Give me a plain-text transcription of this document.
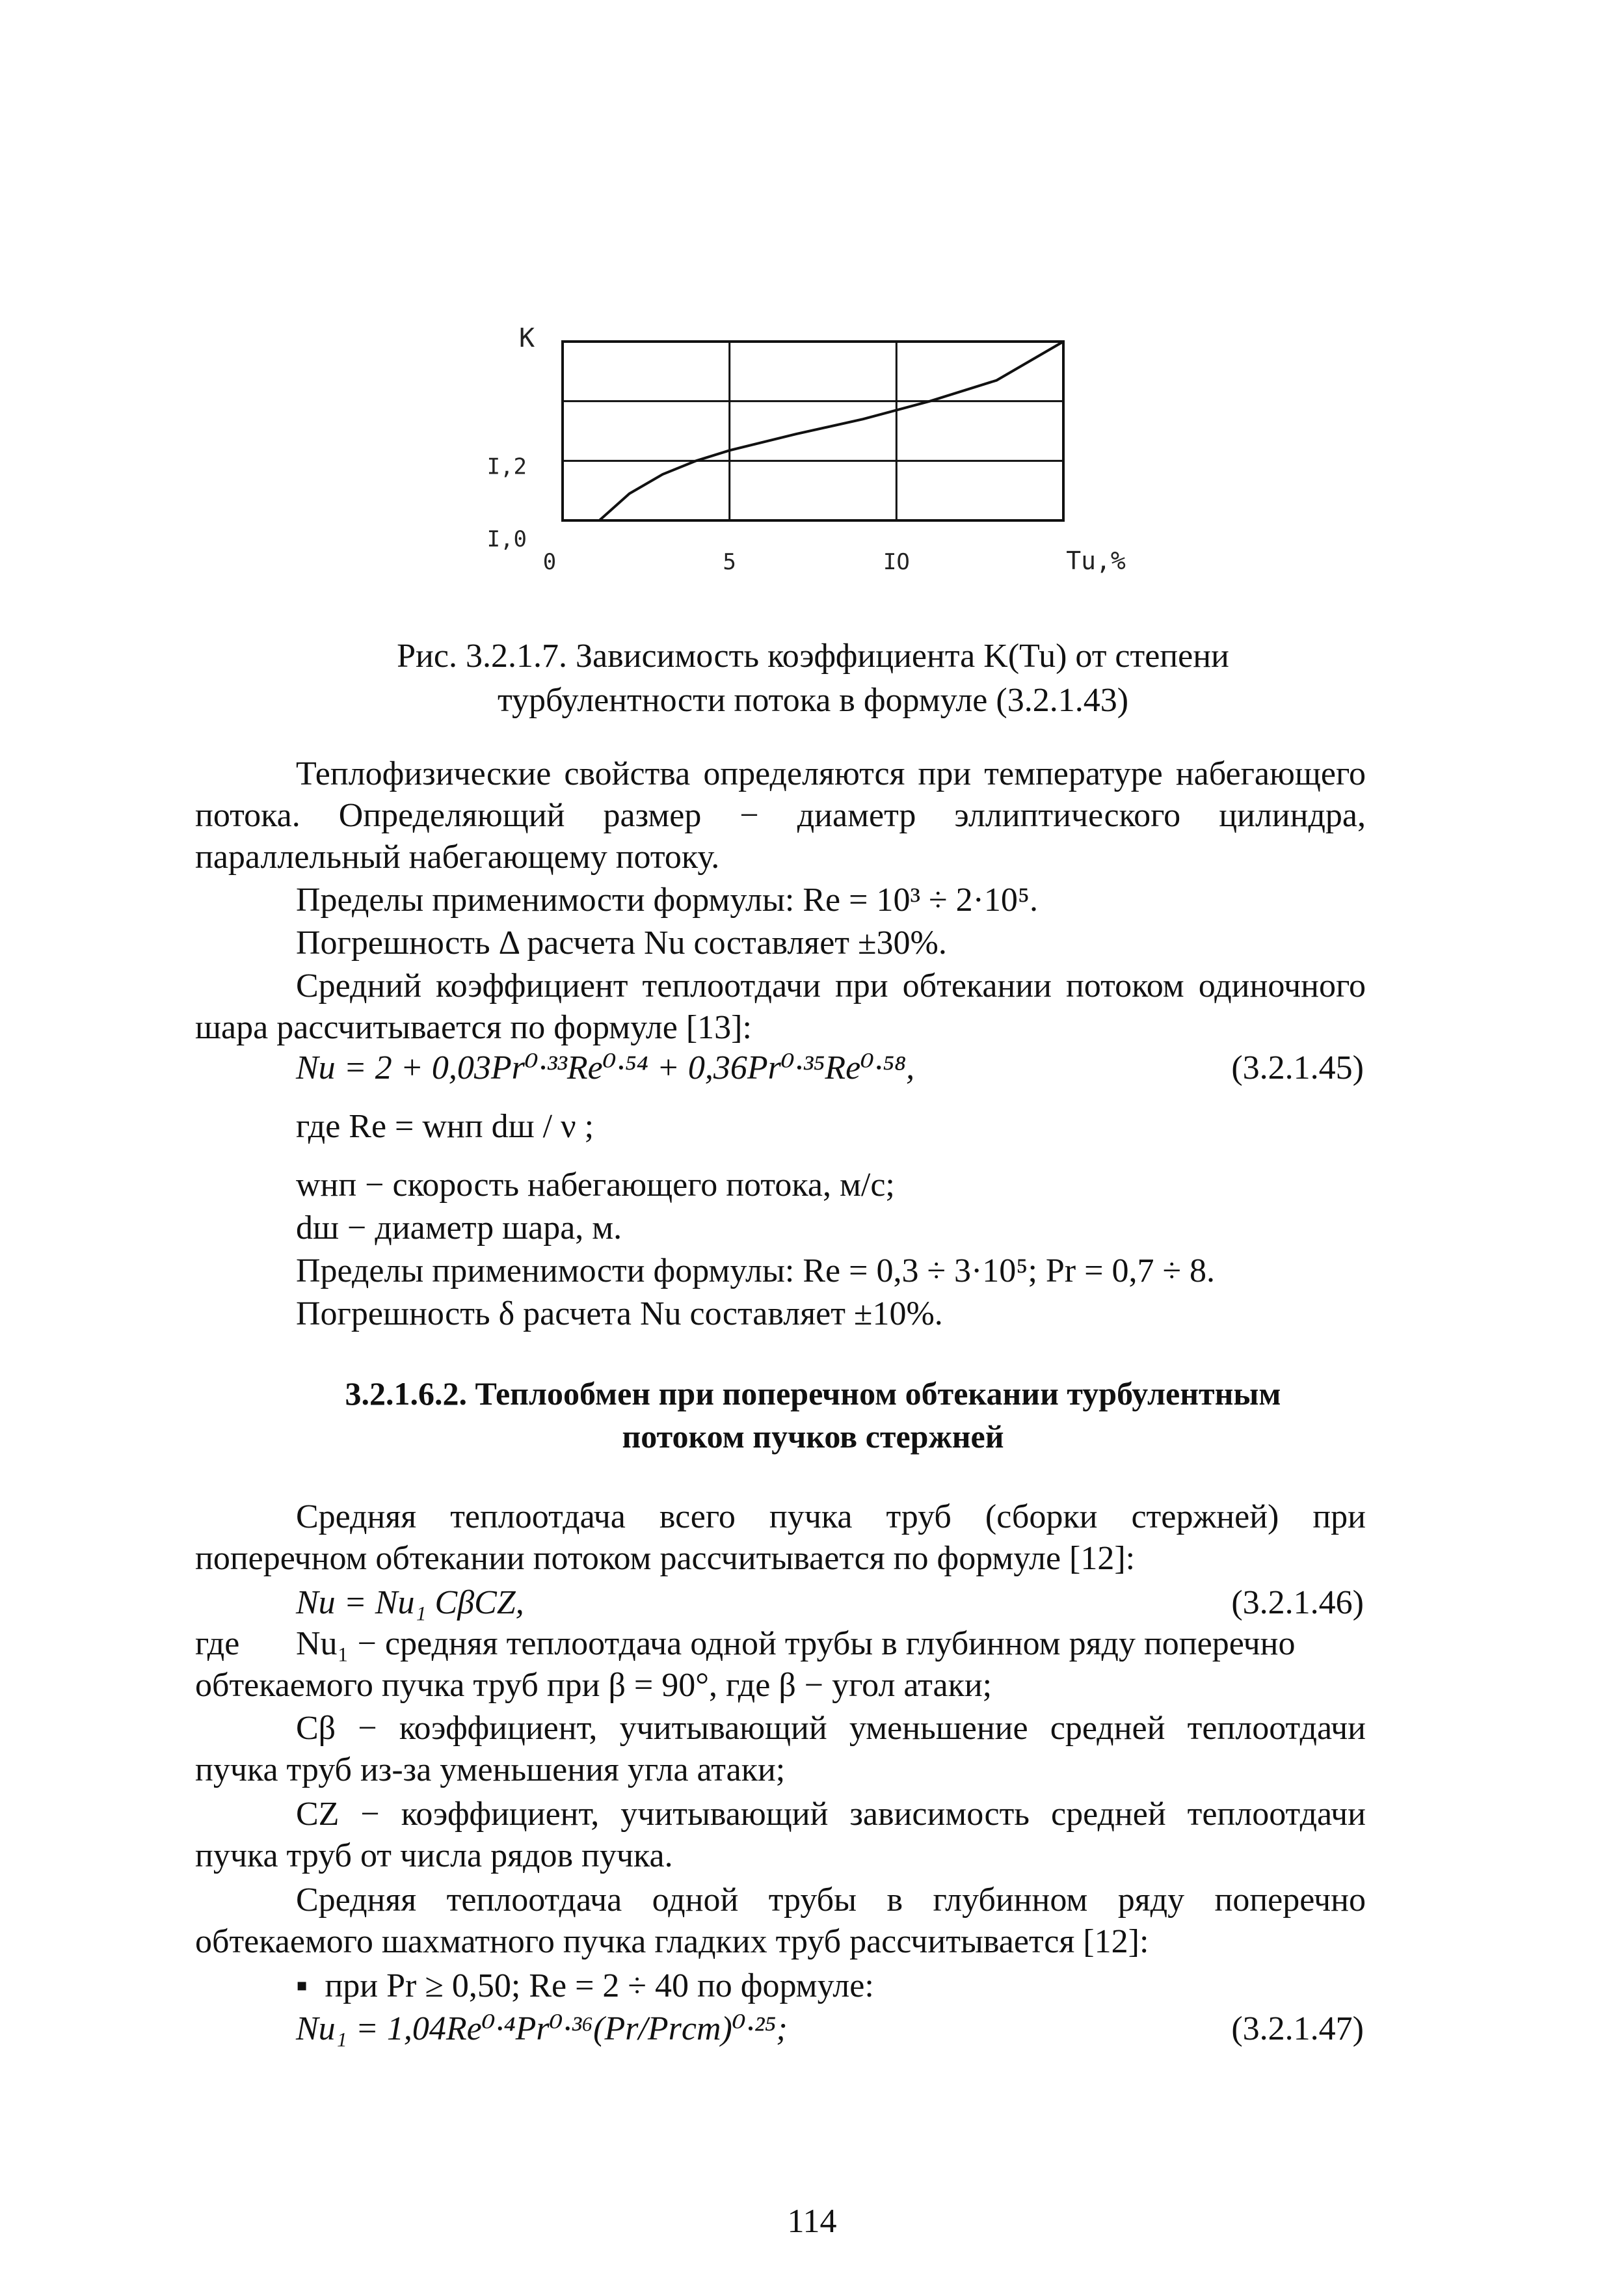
K
I,2
I,0
0	5	IO	Tu,%
Рис. 3.2.1.7. Зависимость коэффициента K(Tu) от степени
турбулентности потока в формуле (3.2.1.43)
Теплофизические свойства определяются при температуре набегающего потока. Определяющий размер − диаметр эллиптического цилиндра, параллельный набегающему потоку.
Пределы применимости формулы: Re = 10³ ÷ 2·10⁵.
Погрешность Δ расчета Nu составляет ±30%.
Средний коэффициент теплоотдачи при обтекании потоком одиночного шара рассчитывается по формуле [13]:
Nu = 2 + 0,03Pr⁰·³³Re⁰·⁵⁴ + 0,36Pr⁰·³⁵Re⁰·⁵⁸,	(3.2.1.45)
где Re = wнп dш / ν ;
wнп − скорость набегающего потока, м/с;
dш − диаметр шара, м.
Пределы применимости формулы: Re = 0,3 ÷ 3·10⁵; Pr = 0,7 ÷ 8.
Погрешность δ расчета Nu составляет ±10%.
3.2.1.6.2. Теплообмен при поперечном обтекании турбулентным
потоком пучков стержней
Средняя теплоотдача всего пучка труб (сборки стержней) при поперечном обтекании потоком рассчитывается по формуле [12]:
Nu = Nu₁ CβCZ,	(3.2.1.46)
где Nu₁ − средняя теплоотдача одной трубы в глубинном ряду поперечно
обтекаемого пучка труб при β = 90°, где β − угол атаки;
Cβ − коэффициент, учитывающий уменьшение средней теплоотдачи пучка труб из-за уменьшения угла атаки;
CZ − коэффициент, учитывающий зависимость средней теплоотдачи пучка труб от числа рядов пучка.
Средняя теплоотдача одной трубы в глубинном ряду поперечно обтекаемого шахматного пучка гладких труб рассчитывается [12]:
▪  при Pr ≥ 0,50; Re = 2 ÷ 40 по формуле:
Nu₁ = 1,04Re⁰·⁴Pr⁰·³⁶(Pr/Prст)⁰·²⁵;	(3.2.1.47)
114
